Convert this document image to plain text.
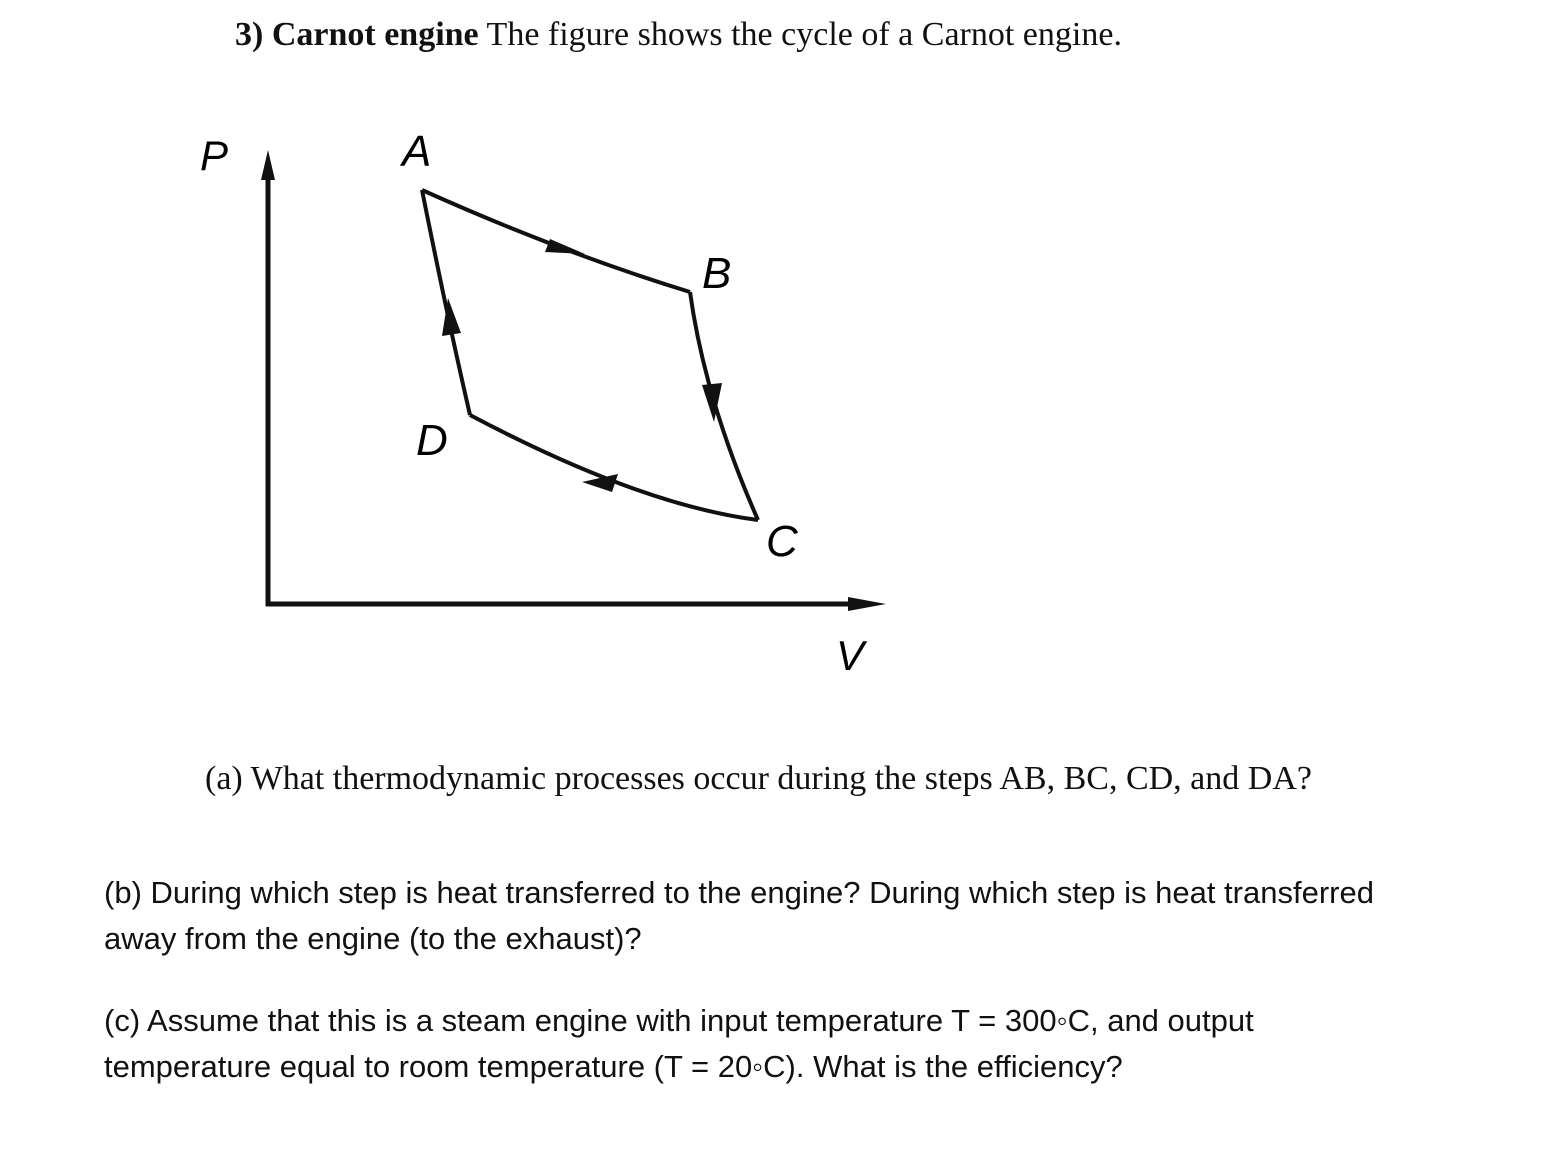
3) Carnot engine The figure shows the cycle of a Carnot engine.
P
V
A
B
C
D
(a) What thermodynamic processes occur during the steps AB, BC, CD, and DA?
(b) During which step is heat transferred to the engine? During which step is heat transferred
away from the engine (to the exhaust)?
(c) Assume that this is a steam engine with input temperature T = 300◦C, and output
temperature equal to room temperature (T = 20◦C). What is the efficiency?
